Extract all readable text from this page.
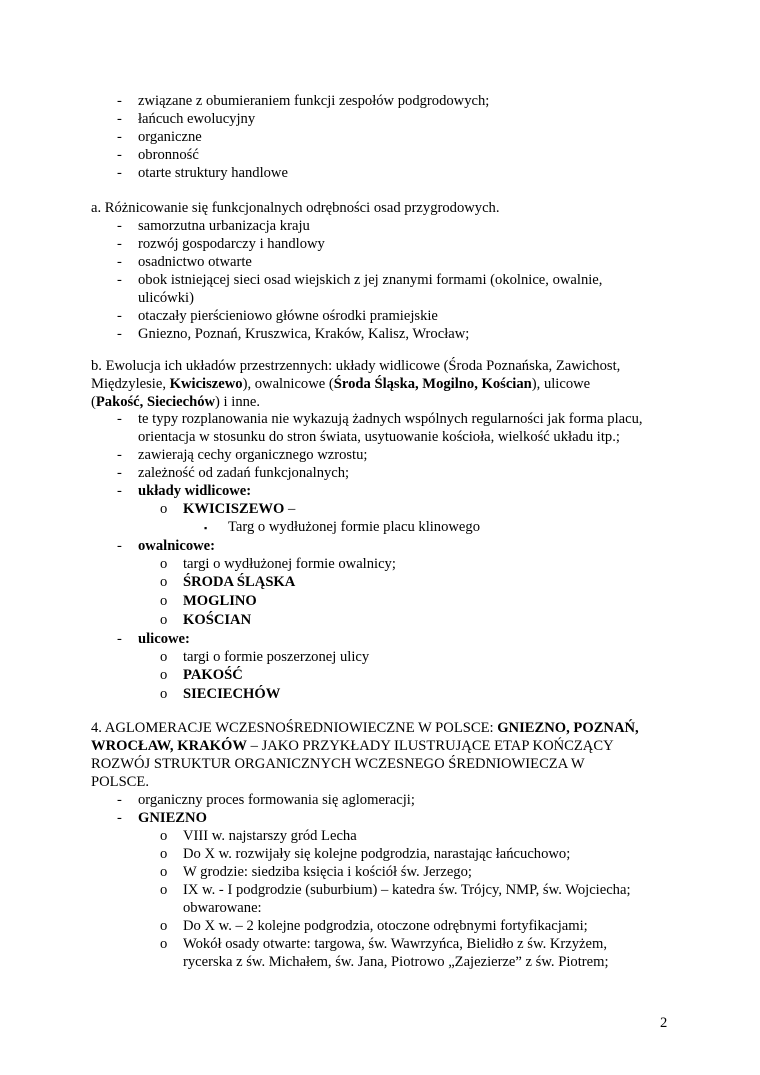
-	związane z obumieraniem funkcji zespołów podgrodowych;
-	łańcuch ewolucyjny
-	organiczne
-	obronność
-	otarte struktury handlowe
a. Różnicowanie się funkcjonalnych odrębności osad przygrodowych.
-	samorzutna urbanizacja kraju
-	rozwój gospodarczy i handlowy
-	osadnictwo otwarte
-	obok istniejącej sieci osad wiejskich z jej znanymi formami (okolnice, owalnie,
ulicówki)
-	otaczały pierścieniowo główne ośrodki pramiejskie
-	Gniezno, Poznań, Kruszwica, Kraków, Kalisz, Wrocław;
b. Ewolucja ich układów przestrzennych: układy widlicowe (Środa Poznańska, Zawichost,
Międzylesie, Kwiciszewo), owalnicowe (Środa Śląska, Mogilno, Kościan), ulicowe
(Pakość, Sieciechów) i inne.
-	te typy rozplanowania nie wykazują żadnych wspólnych regularności jak forma placu,
orientacja w stosunku do stron świata, usytuowanie kościoła, wielkość układu itp.;
-	zawierają cechy organicznego wzrostu;
-	zależność od zadań funkcjonalnych;
-	układy widlicowe:
o	KWICISZEWO –
$_▪$ Targ o wydłużonej formie placu klinowego
-	owalnicowe:
o	targi o wydłużonej formie owalnicy;
o	ŚRODA ŚLĄSKA
o	MOGLINO
o	KOŚCIAN
-	ulicowe:
o	targi o formie poszerzonej ulicy
o	PAKOŚĆ
o	SIECIECHÓW
4. AGLOMERACJE WCZESNOŚREDNIOWIECZNE W POLSCE: GNIEZNO, POZNAŃ,
WROCŁAW, KRAKÓW – JAKO PRZYKŁADY ILUSTRUJĄCE ETAP KOŃCZĄCY
ROZWÓJ STRUKTUR ORGANICZNYCH WCZESNEGO ŚREDNIOWIECZA W
POLSCE.
-	organiczny proces formowania się aglomeracji;
-	GNIEZNO
o	VIII w. najstarszy gród Lecha
o	Do X w. rozwijały się kolejne podgrodzia, narastając łańcuchowo;
o	W grodzie: siedziba księcia i kościół św. Jerzego;
o	IX w. - I podgrodzie (suburbium) – katedra św. Trójcy, NMP, św. Wojciecha;
obwarowane:
o	Do X w. – 2 kolejne podgrodzia, otoczone odrębnymi fortyfikacjami;
o	Wokół osady otwarte: targowa, św. Wawrzyńca, Bielidło z św. Krzyżem,
rycerska z św. Michałem, św. Jana, Piotrowo „Zajezierze” z św. Piotrem;
2
